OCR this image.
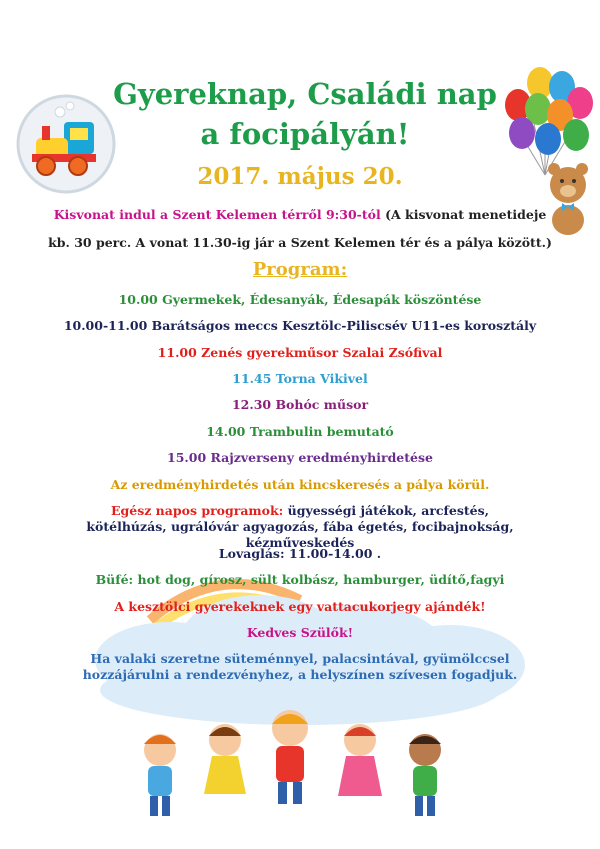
Gyereknap, Családi nap a focipályán!
2017. május 20.
Kisvonat indul a Szent Kelemen térről 9:30-tól (A kisvonat menetideje
kb. 30 perc. A vonat 11.30-ig jár a Szent Kelemen tér és a pálya között.)
Program:
10.00 Gyermekek, Édesanyák, Édesapák köszöntése
10.00-11.00 Barátságos meccs Kesztölc-Piliscsév U11-es korosztály
11.00 Zenés gyerekműsor Szalai Zsófival
11.45 Torna Vikivel
12.30 Bohóc műsor
14.00 Trambulin bemutató
15.00 Rajzverseny eredményhirdetése
Az eredményhirdetés után kincskeresés a pálya körül.
Egész napos programok: ügyességi játékok, arcfestés, kötélhúzás, ugrálóvár agyagozás, fába égetés, focibajnokság, kézműveskedés
Lovaglás: 11.00-14.00 .
Büfé: hot dog, gírosz, sült kolbász, hamburger, üdítő,fagyi
A kesztölci gyerekeknek egy vattacukorjegy ajándék!
Kedves Szülők!
Ha valaki szeretne süteménnyel, palacsintával, gyümölccsel hozzájárulni a rendezvényhez, a helyszínen szívesen fogadjuk.
